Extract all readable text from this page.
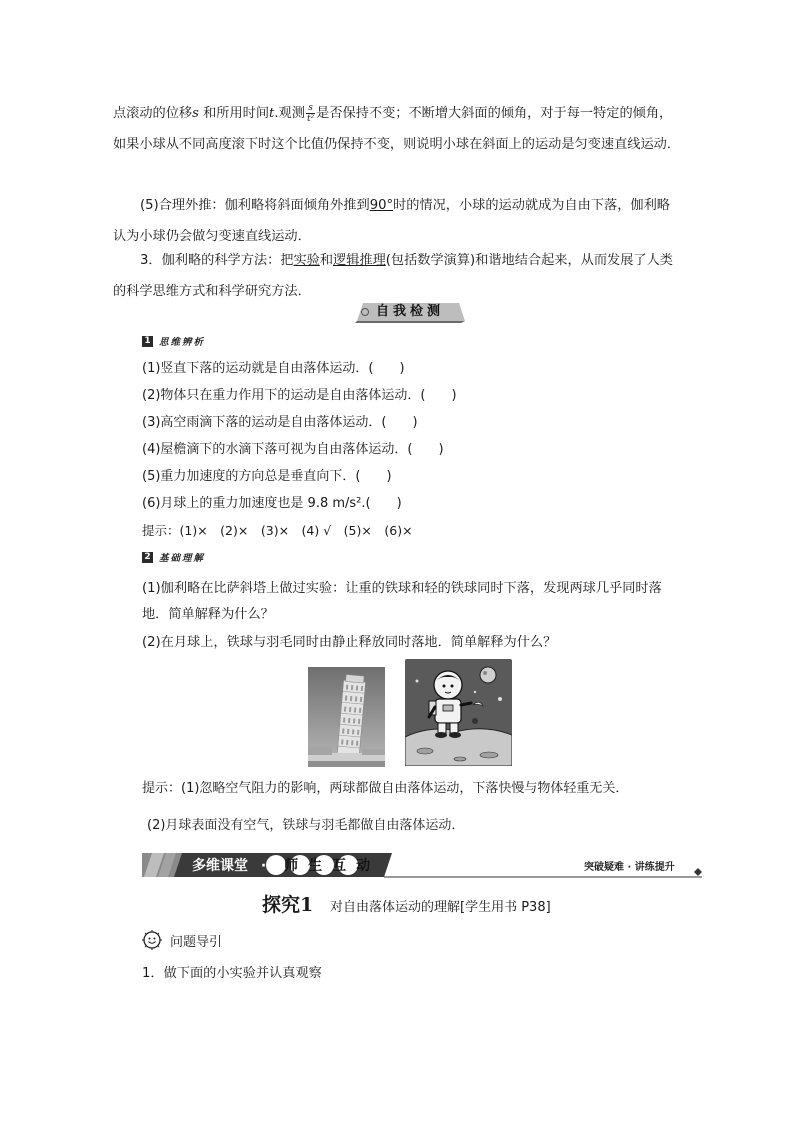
点滚动的位移s 和所用时间t.观测 $\frac{s}{\text{t²}}$ 是否保持不变；不断增大斜面的倾角，对于每一特定的倾角，如果小球从不同高度滚下时这个比值仍保持不变，则说明小球在斜面上的运动是匀变速直线运动．
(5)合理外推：伽利略将斜面倾角外推到90°时的情况，小球的运动就成为自由下落，伽利略认为小球仍会做匀变速直线运动．
3．伽利略的科学方法：把实验和逻辑推理(包括数学演算)和谐地结合起来，从而发展了人类的科学思维方式和科学研究方法．
自我检测
1 思维辨析
(1)竖直下落的运动就是自由落体运动．(　　)
(2)物体只在重力作用下的运动是自由落体运动．(　　)
(3)高空雨滴下落的运动是自由落体运动．(　　)
(4)屋檐滴下的水滴下落可视为自由落体运动．(　　)
(5)重力加速度的方向总是垂直向下．(　　)
(6)月球上的重力加速度也是 9.8 m/s².(　　)
提示：(1)×　(2)×　(3)×　(4) √　(5)×　(6)×
2 基础理解
(1)伽利略在比萨斜塔上做过实验：让重的铁球和轻的铁球同时下落，发现两球几乎同时落地．简单解释为什么？
(2)在月球上，铁球与羽毛同时由静止释放同时落地．简单解释为什么？
提示：(1)忽略空气阻力的影响，两球都做自由落体运动，下落快慢与物体轻重无关．
(2)月球表面没有空气，铁球与羽毛都做自由落体运动．
多维课堂 · 师 生 互 动	突破疑难 · 讲练提升
探究1 对自由落体运动的理解[学生用书 P38]
问题导引
1．做下面的小实验并认真观察
